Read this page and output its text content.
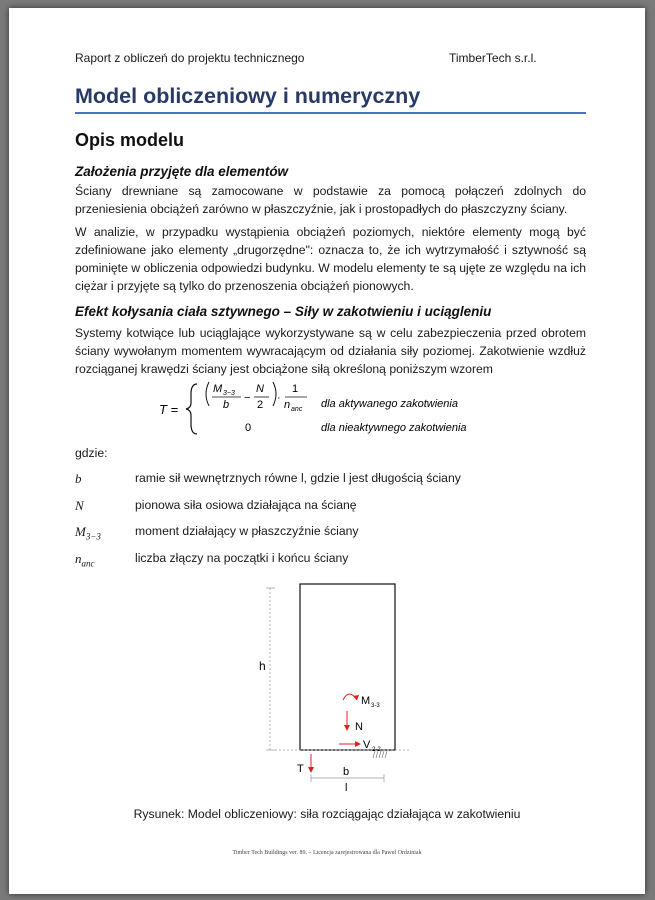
Raport z obliczeń do projektu technicznego	TimberTech s.r.l.
Model obliczeniowy i numeryczny
Opis modelu
Założenia przyjęte dla elementów
Ściany drewniane są zamocowane w podstawie za pomocą połączeń zdolnych do przeniesienia obciążeń zarówno w płaszczyźnie, jak i prostopadłych do płaszczyzny ściany.
W analizie, w przypadku wystąpienia obciążeń poziomych, niektóre elementy mogą być zdefiniowane jako elementy „drugorzędne": oznacza to, że ich wytrzymałość i sztywność są pominięte w obliczenia odpowiedzi budynku. W modelu elementy te są ujęte ze względu na ich ciężar i przyjęte są tylko do przenoszenia obciążeń pionowych.
Efekt kołysania ciała sztywnego – Siły w zakotwieniu i uciągleniu
Systemy kotwiące lub uciąglające wykorzystywane są w celu zabezpieczenia przed obrotem ściany wywołanym momentem wywracającym od działania siły poziomej. Zakotwienie wzdłuż rozciąganej krawędzi ściany jest obciążone siłą określoną poniższym wzorem
T =
M 3−3
b
−
N
2
·
1
n anc
0
dla aktywanego zakotwienia
dla nieaktywnego zakotwienia
gdzie:
b	ramie sił wewnętrznych równe l, gdzie l jest długością ściany
N	pionowa siła osiowa działająca na ścianę
$M_{3-3}$	moment działający w płaszczyźnie ściany
$n_{anc}$	liczba złączy na początki i końcu ściany
h
M 3-3
N
V 2-2
T	b
l
Rysunek: Model obliczeniowy: siła rozciągając działająca w zakotwieniu
Timber Tech Buildings ver. 89. – Licencja zarejestrowana dla Paweł Ordziniak
